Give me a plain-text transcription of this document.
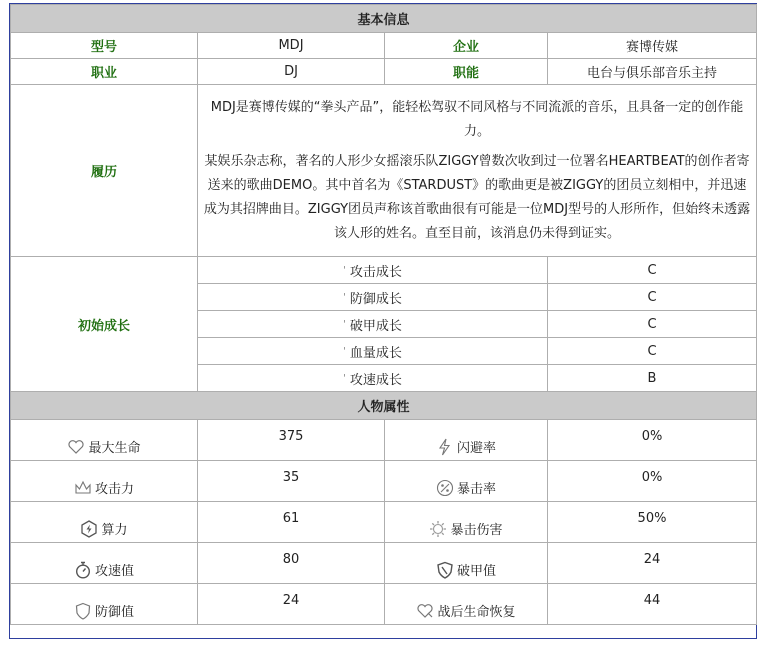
基本信息			
型号	MDJ	企业	赛博传媒
职业	DJ	职能	电台与俱乐部音乐主持
履历	MDJ是赛博传媒的“拳头产品”，能轻松驾驭不同风格与不同流派的音乐，且具备一定的创作能力。

某娱乐杂志称，著名的人形少女摇滚乐队ZIGGY曾数次收到过一位署名HEARTBEAT的创作者寄送来的歌曲DEMO。其中首名为《STARDUST》的歌曲更是被ZIGGY的团员立刻相中，并迅速成为其招牌曲目。ZIGGY团员声称该首歌曲很有可能是一位MDJ型号的人形所作，但始终未透露该人形的姓名。直至目前，该消息仍未得到证实。		

初始成长	' 攻击成长		C
	' 防御成长		C
	' 破甲成长		C
	' 血量成长		C
	' 攻速成长		B
人物属性			
最大生命	375	闪避率	0%
攻击力	35	暴击率	0%
算力	61	暴击伤害	50%
攻速值	80	破甲值	24
防御值	24	战后生命恢复	44
